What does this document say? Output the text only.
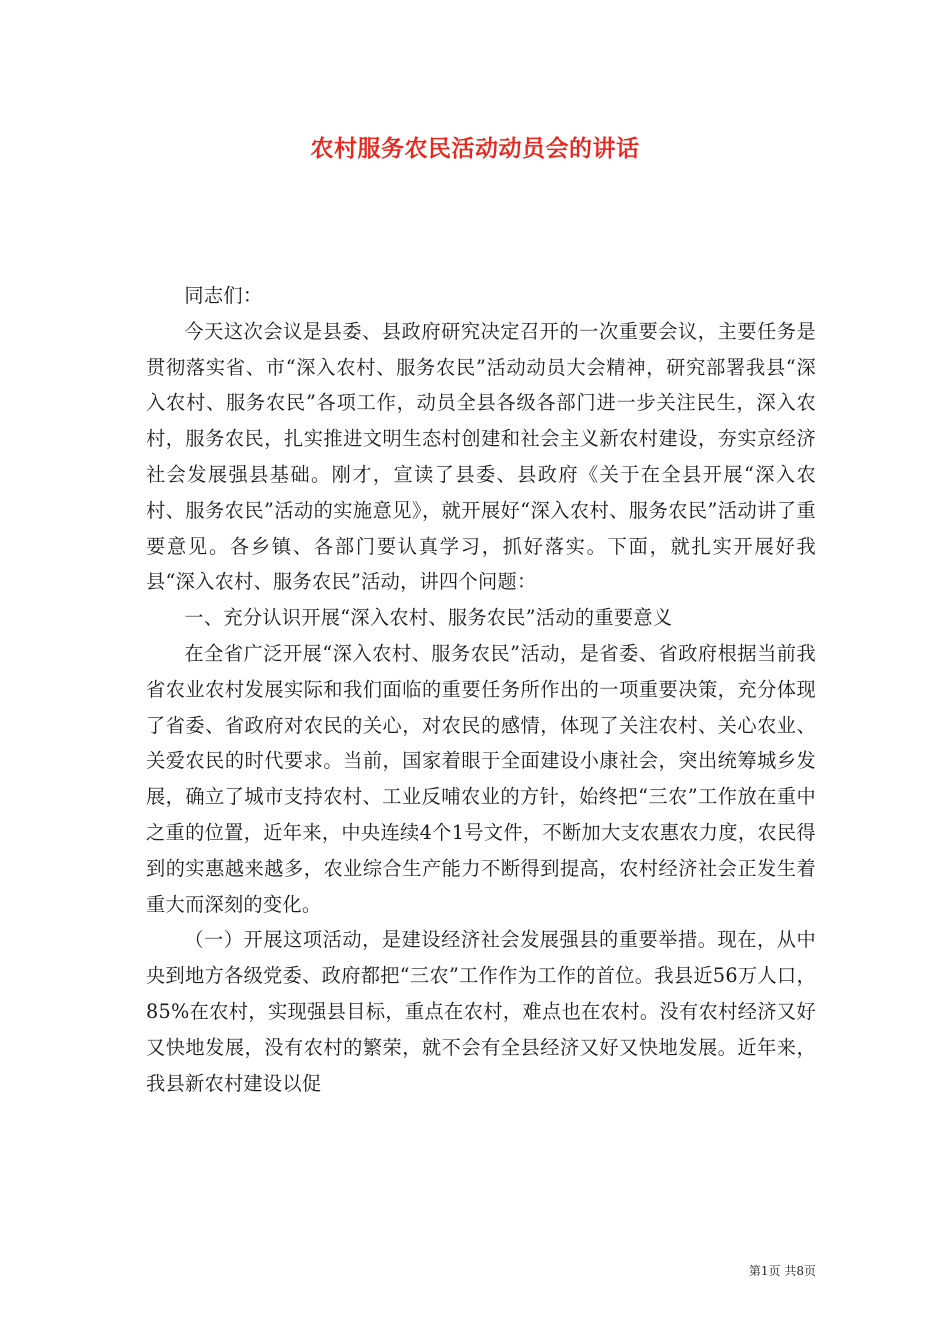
农村服务农民活动动员会的讲话

同志们：

今天这次会议是县委、县政府研究决定召开的一次重要会议，主要任务是贯彻落实省、市“深入农村、服务农民”活动动员大会精神，研究部署我县“深入农村、服务农民”各项工作，动员全县各级各部门进一步关注民生，深入农村，服务农民，扎实推进文明生态村创建和社会主义新农村建设，夯实京经济社会发展强县基础。刚才，宣读了县委、县政府《关于在全县开展“深入农村、服务农民”活动的实施意见》，就开展好“深入农村、服务农民”活动讲了重要意见。各乡镇、各部门要认真学习，抓好落实。下面，就扎实开展好我县“深入农村、服务农民”活动，讲四个问题：

一、充分认识开展“深入农村、服务农民”活动的重要意义

在全省广泛开展“深入农村、服务农民”活动，是省委、省政府根据当前我省农业农村发展实际和我们面临的重要任务所作出的一项重要决策，充分体现了省委、省政府对农民的关心，对农民的感情，体现了关注农村、关心农业、关爱农民的时代要求。当前，国家着眼于全面建设小康社会，突出统筹城乡发展，确立了城市支持农村、工业反哺农业的方针，始终把“三农”工作放在重中之重的位置，近年来，中央连续4个1号文件，不断加大支农惠农力度，农民得到的实惠越来越多，农业综合生产能力不断得到提高，农村经济社会正发生着重大而深刻的变化。

（一）开展这项活动，是建设经济社会发展强县的重要举措。现在，从中央到地方各级党委、政府都把“三农”工作作为工作的首位。我县近56万人口，85%在农村，实现强县目标，重点在农村，难点也在农村。没有农村经济又好又快地发展，没有农村的繁荣，就不会有全县经济又好又快地发展。近年来，我县新农村建设以促

第1页 共8页
